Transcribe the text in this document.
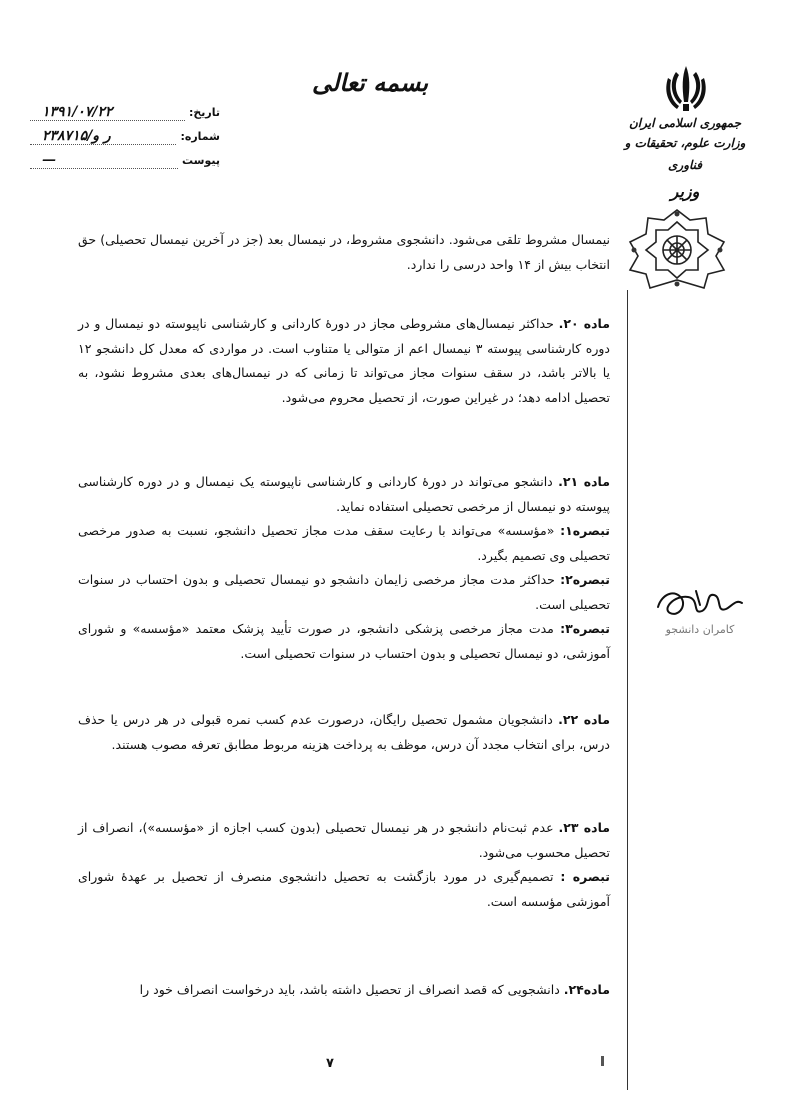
بسمه تعالی
تاریخ:
۱۳۹۱/۰۷/۲۲
شماره:
۲۳۸۷۱۵/ر و
پیوست
—
جمهوری اسلامی ایران
وزارت علوم، تحقیقات و فناوری
وزیر
کامران دانشجو

نیمسال مشروط تلقی می‌شود. دانشجوی مشروط، در نیمسال بعد (جز در آخرین نیمسال تحصیلی) حق انتخاب بیش از ۱۴ واحد درسی را ندارد.

ماده ۲۰. حداکثر نیمسال‌های مشروطی مجاز در دورهٔ کاردانی و کارشناسی ناپیوسته دو نیمسال و در دوره کارشناسی پیوسته ۳ نیمسال اعم از متوالی یا متناوب است. در مواردی که معدل کل دانشجو ۱۲ یا بالاتر باشد، در سقف سنوات مجاز می‌تواند تا زمانی که در نیمسال‌های بعدی مشروط نشود، به تحصیل ادامه دهد؛ در غیراین صورت، از تحصیل محروم می‌شود.

ماده ۲۱. دانشجو می‌تواند در دورهٔ کاردانی و کارشناسی ناپیوسته یک نیمسال و در دوره کارشناسی پیوسته دو نیمسال از مرخصی تحصیلی استفاده نماید.

تبصره۱: «مؤسسه» می‌تواند با رعایت سقف مدت مجاز تحصیل دانشجو، نسبت به صدور مرخصی تحصیلی وی تصمیم بگیرد.

تبصره۲: حداکثر مدت مجاز مرخصی زایمان دانشجو دو نیمسال تحصیلی و بدون احتساب در سنوات تحصیلی است.

تبصره۳: مدت مجاز مرخصی پزشکی دانشجو، در صورت تأیید پزشک معتمد «مؤسسه» و شورای آموزشی، دو نیمسال تحصیلی و بدون احتساب در سنوات تحصیلی است.

ماده ۲۲. دانشجویان مشمول تحصیل رایگان، درصورت عدم کسب نمره قبولی در هر درس یا حذف درس، برای انتخاب مجدد آن درس، موظف به پرداخت هزینه مربوط مطابق تعرفه مصوب هستند.

ماده ۲۳. عدم ثبت‌نام دانشجو در هر نیمسال تحصیلی (بدون کسب اجازه از «مؤسسه»)، انصراف از تحصیل محسوب می‌شود.

تبصره : تصمیم‌گیری در مورد بازگشت به تحصیل دانشجوی منصرف از تحصیل بر عهدهٔ شورای آموزشی مؤسسه است.

ماده۲۴. دانشجویی که قصد انصراف از تحصیل داشته باشد، باید درخواست انصراف خود را

۷
